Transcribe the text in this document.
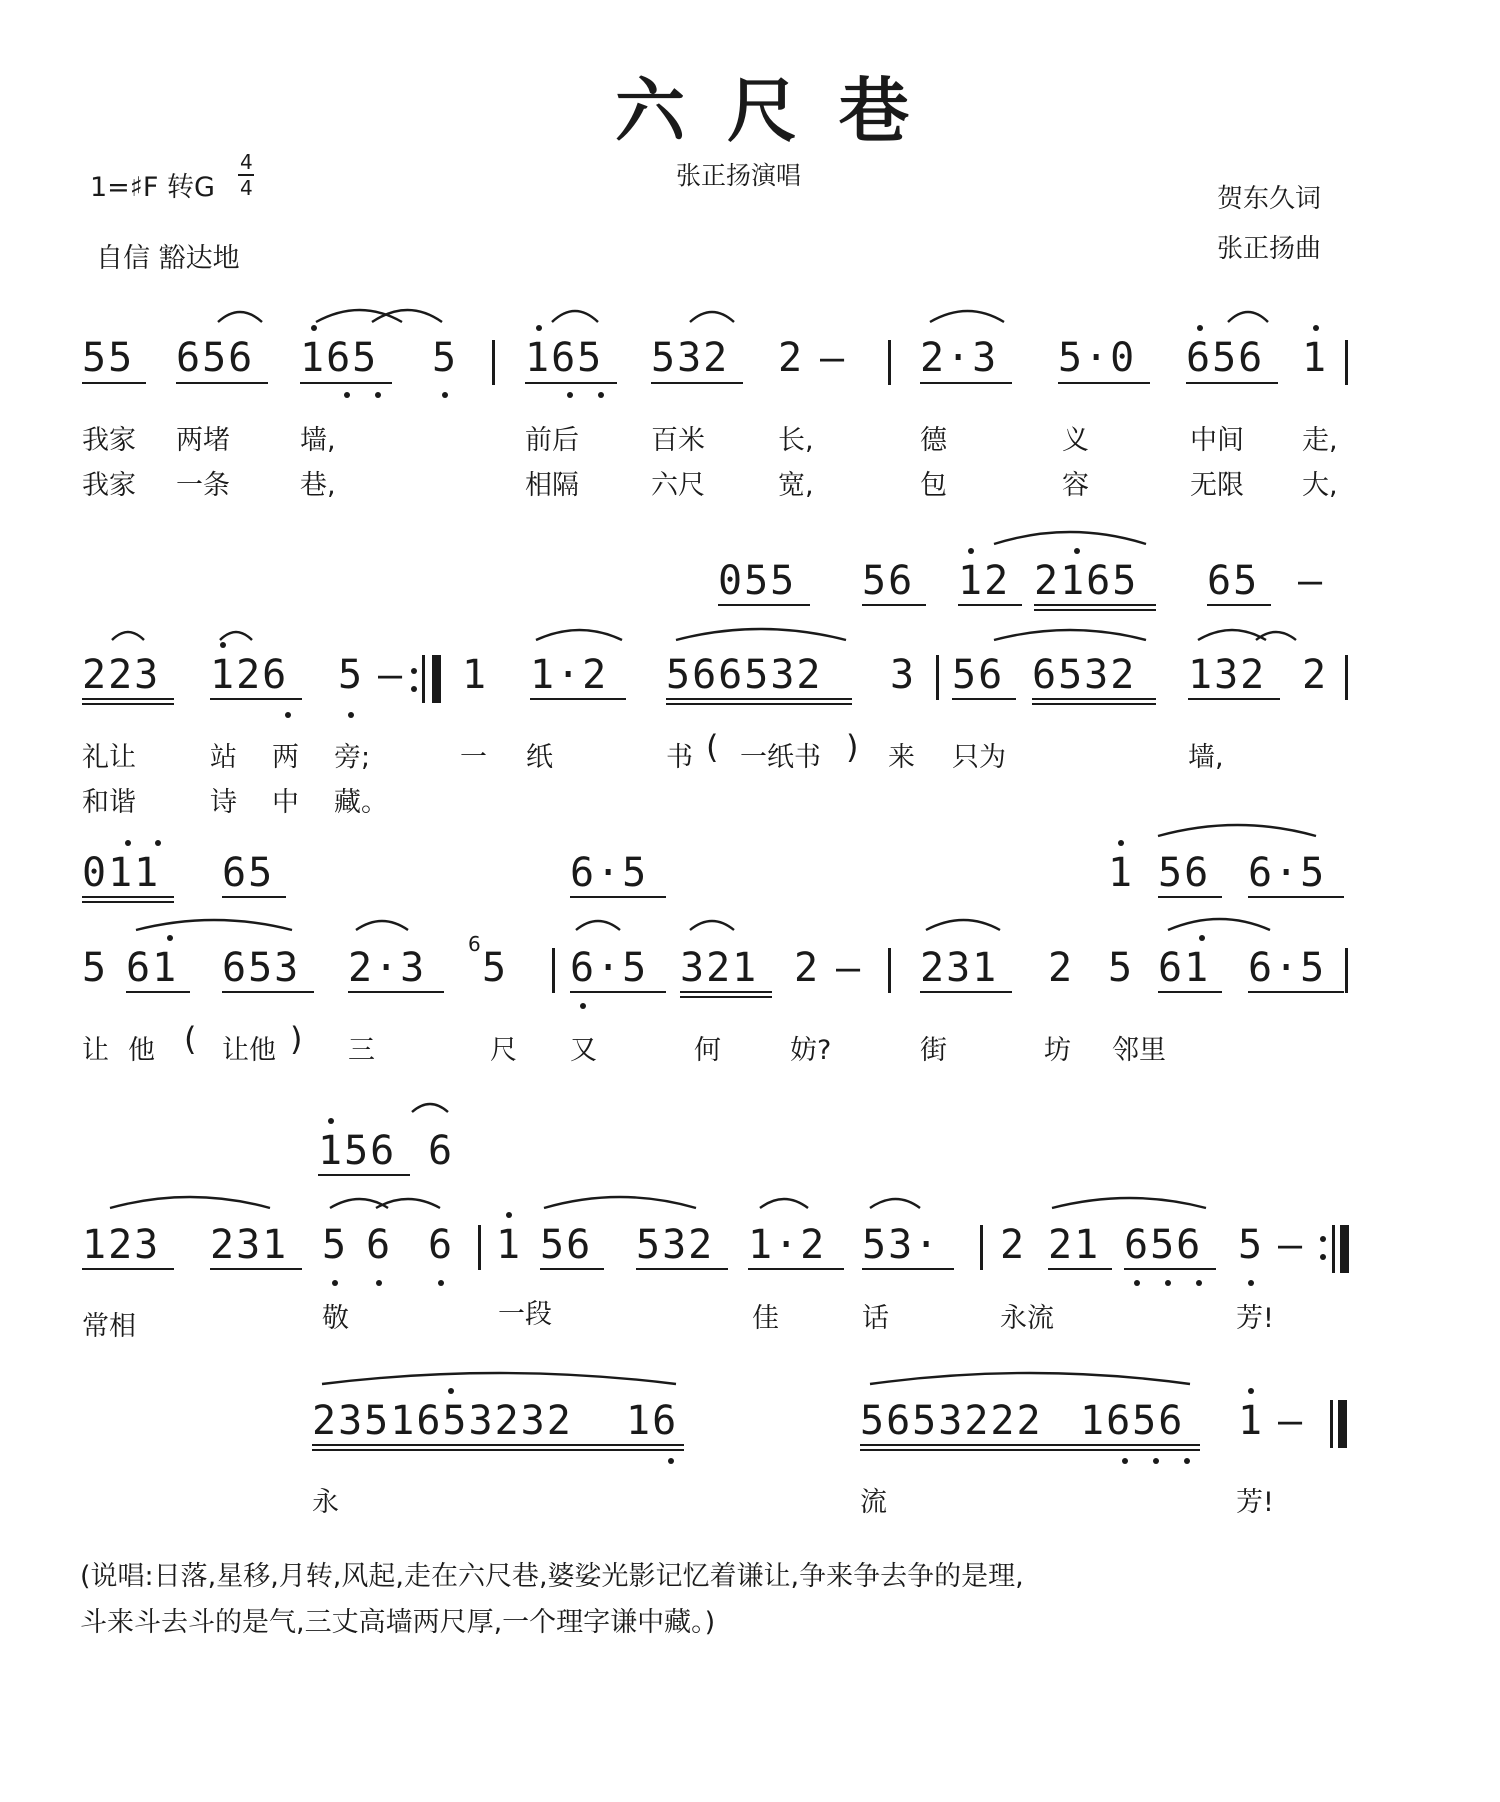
六尺巷
张正扬演唱
1=♯F 转G
4
4
自信 豁达地
贺东久词
张正扬曲
55 656 165 5 165 532 2 – 2·3 5·0 656 1
我家 两堵	墙,	前后	百米	长,	德	义	中间 走,
我家 一条	巷,	相隔	六尺	宽,	包	容	无限 大,
055 56 12 2165 65 –
223 126 5 – 1 1·2 566532 3 56 6532 132 2
礼让	站 两 旁;	一 纸	书 ( 一纸书 ) 来 只为	墙,
和谐	诗 中 藏。
011 65	6·5	1 56 6·5
5 61 653 2·3
6
5 6·5 321 2 – 231 2 5 61 6·5
让 他 ( 让他 ) 三	尺 又	何	妨?	街	坊 邻里
156 6
123 231 5 6 6 1 56 532 1·2 53· 2 21 656 5 –
常相	敬	一段	佳	话	永流	芳!
2351653232 16	5653222 1656 1 –
永	流	芳!
(说唱:日落,星移,月转,风起,走在六尺巷,婆娑光影记忆着谦让,争来争去争的是理,
斗来斗去斗的是气,三丈高墙两尺厚,一个理字谦中藏。)
